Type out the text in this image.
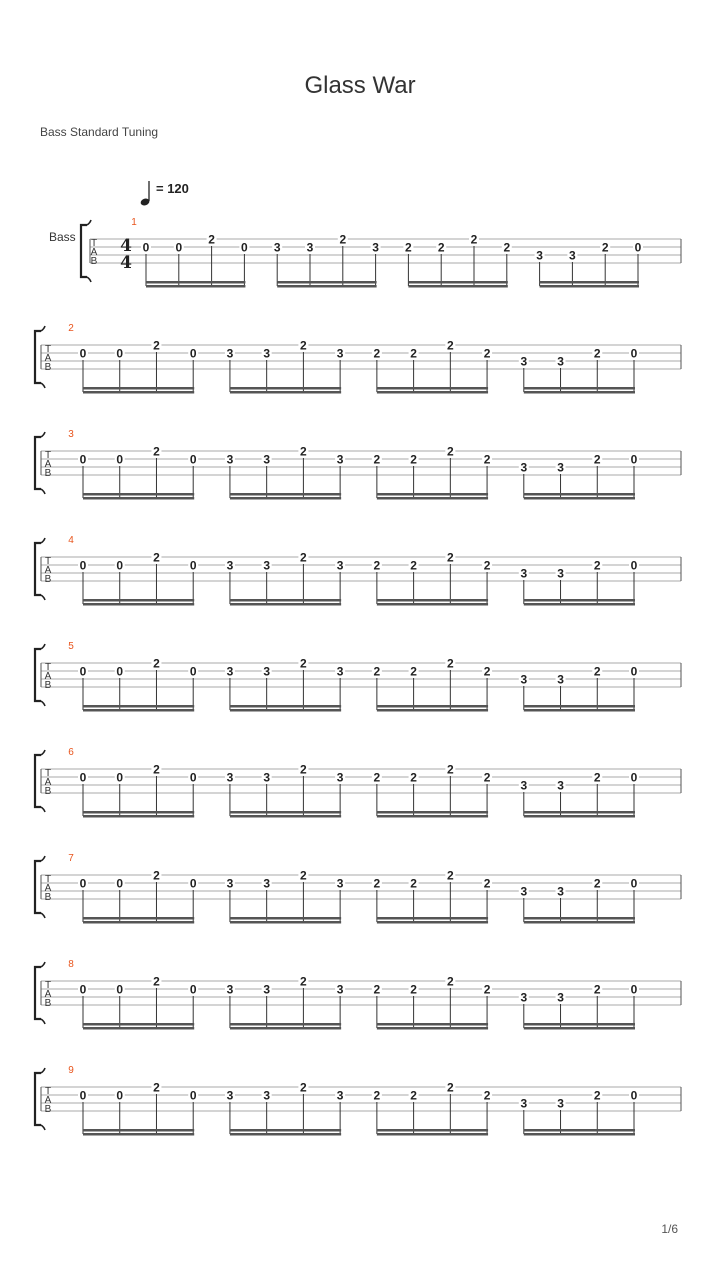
Glass War
Bass Standard Tuning
1/6
T
A
B
1
Bass	4
4
= 120
0 0
2
0 3 3
2
3 2 2
2
2
3 3
2 0
T
A
B
2
0	0
2
0	3	3
2
3	2	2
2
2
3	3
2	0
T
A
B
3
0	0
2
0	3	3
2
3	2	2
2
2
3	3
2	0
T
A
B
4
0	0
2
0	3	3
2
3	2	2
2
2
3	3
2	0
T
A
B
5
0	0
2
0	3	3
2
3	2	2
2
2
3	3
2	0
T
A
B
6
0	0
2
0	3	3
2
3	2	2
2
2
3	3
2	0
T
A
B
7
0	0
2
0	3	3
2
3	2	2
2
2
3	3
2	0
T
A
B
8
0	0
2
0	3	3
2
3	2	2
2
2
3	3
2	0
T
A
B
9
0	0
2
0	3	3
2
3	2	2
2
2
3	3
2	0
